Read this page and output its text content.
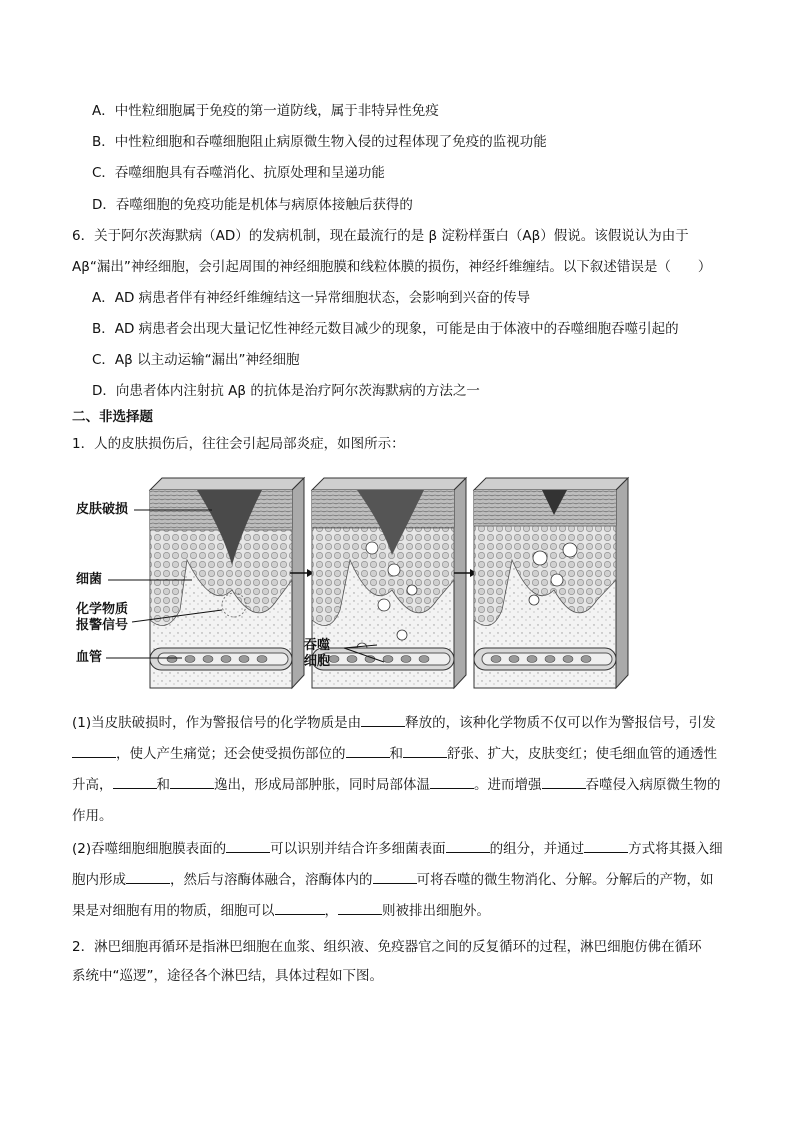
A．中性粒细胞属于免疫的第一道防线，属于非特异性免疫
B．中性粒细胞和吞噬细胞阻止病原微生物入侵的过程体现了免疫的监视功能
C．吞噬细胞具有吞噬消化、抗原处理和呈递功能
D．吞噬细胞的免疫功能是机体与病原体接触后获得的
6．关于阿尔茨海默病（AD）的发病机制，现在最流行的是 β 淀粉样蛋白（Aβ）假说。该假说认为由于
Aβ“漏出”神经细胞，会引起周围的神经细胞膜和线粒体膜的损伤，神经纤维缠结。以下叙述错误是（　　）
A．AD 病患者伴有神经纤维缠结这一异常细胞状态，会影响到兴奋的传导
B．AD 病患者会出现大量记忆性神经元数目减少的现象，可能是由于体液中的吞噬细胞吞噬引起的
C．Aβ 以主动运输“漏出”神经细胞
D．向患者体内注射抗 Aβ 的抗体是治疗阿尔茨海默病的方法之一
二、非选择题
1．人的皮肤损伤后，往往会引起局部炎症，如图所示：
皮肤破损
细菌
化学物质
报警信号
血管
吞噬
细胞
(1)当皮肤破损时，作为警报信号的化学物质是由	释放的，该种化学物质不仅可以作为警报信号，引发，使人产生痛觉；还会使受损伤部位的	和	舒张、扩大，皮肤变红；使毛细血管的通透性升高，	和	逸出，形成局部肿胀，同时局部体温	。进而增强	吞噬侵入病原微生物的作用。
(2)吞噬细胞细胞膜表面的	可以识别并结合许多细菌表面	的组分，并通过	方式将其摄入细胞内形成	，然后与溶酶体融合，溶酶体内的	可将吞噬的微生物消化、分解。分解后的产物，如果是对细胞有用的物质，细胞可以	，	则被排出细胞外。
2．淋巴细胞再循环是指淋巴细胞在血浆、组织液、免疫器官之间的反复循环的过程，淋巴细胞仿佛在循环
系统中“巡逻”，途径各个淋巴结，具体过程如下图。
